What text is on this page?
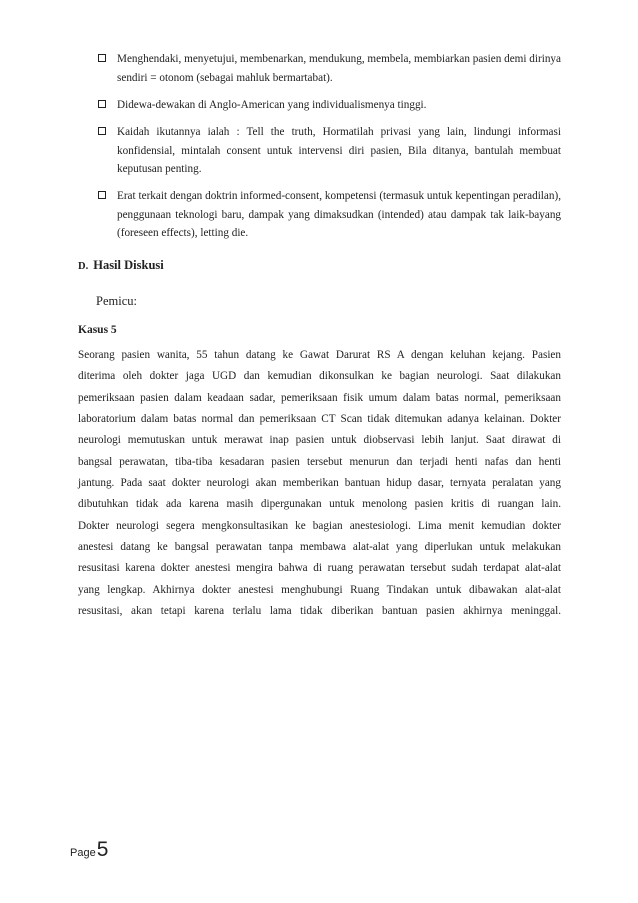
Menghendaki, menyetujui, membenarkan, mendukung, membela, membiarkan pasien demi dirinya sendiri = otonom (sebagai mahluk bermartabat).
Didewa-dewakan di Anglo-American yang individualismenya tinggi.
Kaidah ikutannya ialah : Tell the truth, Hormatilah privasi yang lain, lindungi informasi konfidensial, mintalah consent untuk intervensi diri pasien, Bila ditanya, bantulah membuat keputusan penting.
Erat terkait dengan doktrin informed-consent, kompetensi (termasuk untuk kepentingan peradilan), penggunaan teknologi baru, dampak yang dimaksudkan (intended) atau dampak tak laik-bayang (foreseen effects), letting die.
D. Hasil Diskusi
Pemicu:
Kasus 5
Seorang pasien wanita, 55 tahun datang ke Gawat Darurat RS A dengan keluhan kejang. Pasien
diterima oleh dokter jaga UGD dan kemudian dikonsulkan ke bagian neurologi. Saat dilakukan
pemeriksaan pasien dalam keadaan sadar, pemeriksaan fisik umum dalam batas normal, pemeriksaan
laboratorium dalam batas normal dan pemeriksaan CT Scan tidak ditemukan adanya kelainan. Dokter
neurologi memutuskan untuk merawat inap pasien untuk diobservasi lebih lanjut. Saat dirawat di
bangsal perawatan, tiba-tiba kesadaran pasien tersebut menurun dan terjadi henti nafas dan henti
jantung. Pada saat dokter neurologi akan memberikan bantuan hidup dasar, ternyata peralatan yang
dibutuhkan tidak ada karena masih dipergunakan untuk menolong pasien kritis di ruangan lain.
Dokter neurologi segera mengkonsultasikan ke bagian anestesiologi. Lima menit kemudian dokter
anestesi datang ke bangsal perawatan tanpa membawa alat-alat yang diperlukan untuk melakukan
resusitasi karena dokter anestesi mengira bahwa di ruang perawatan tersebut sudah terdapat alat-alat
yang lengkap. Akhirnya dokter anestesi menghubungi Ruang Tindakan untuk dibawakan alat-alat
resusitasi, akan tetapi karena terlalu lama tidak diberikan bantuan pasien akhirnya meninggal.
Page5
